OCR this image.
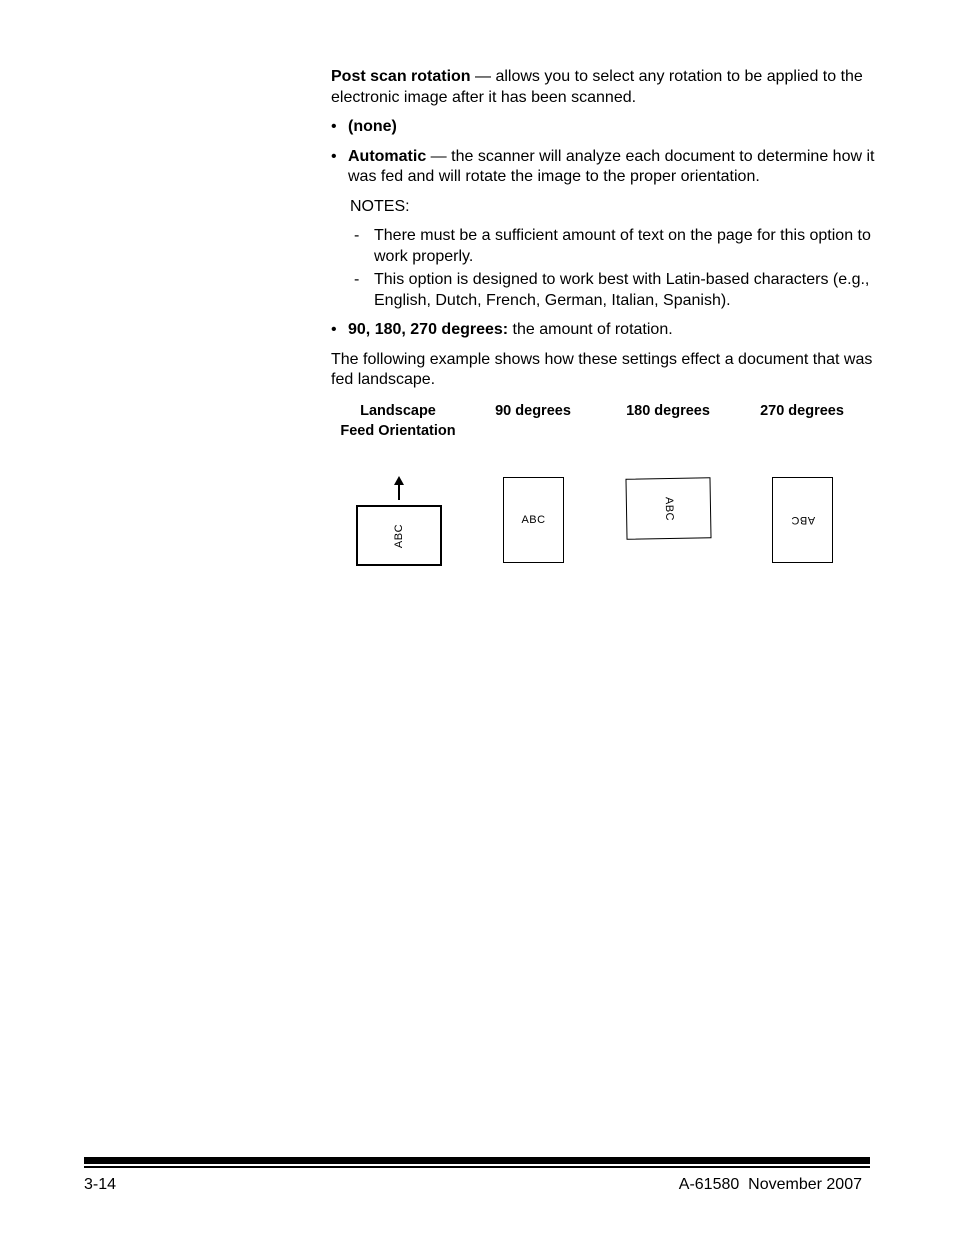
Post scan rotation — allows you to select any rotation to be applied to the electronic image after it has been scanned.

• (none)

• Automatic — the scanner will analyze each document to determine how it was fed and will rotate the image to the proper orientation.

NOTES:

- There must be a sufficient amount of text on the page for this option to work properly.

- This option is designed to work best with Latin-based characters (e.g., English, Dutch, French, German, Italian, Spanish).

• 90, 180, 270 degrees: the amount of rotation.

The following example shows how these settings effect a document that was fed landscape.

Landscape
Feed Orientation
90 degrees	180 degrees	270 degrees
ABC
ABC	ABC	ABC
3-14	A-61580  November 2007
